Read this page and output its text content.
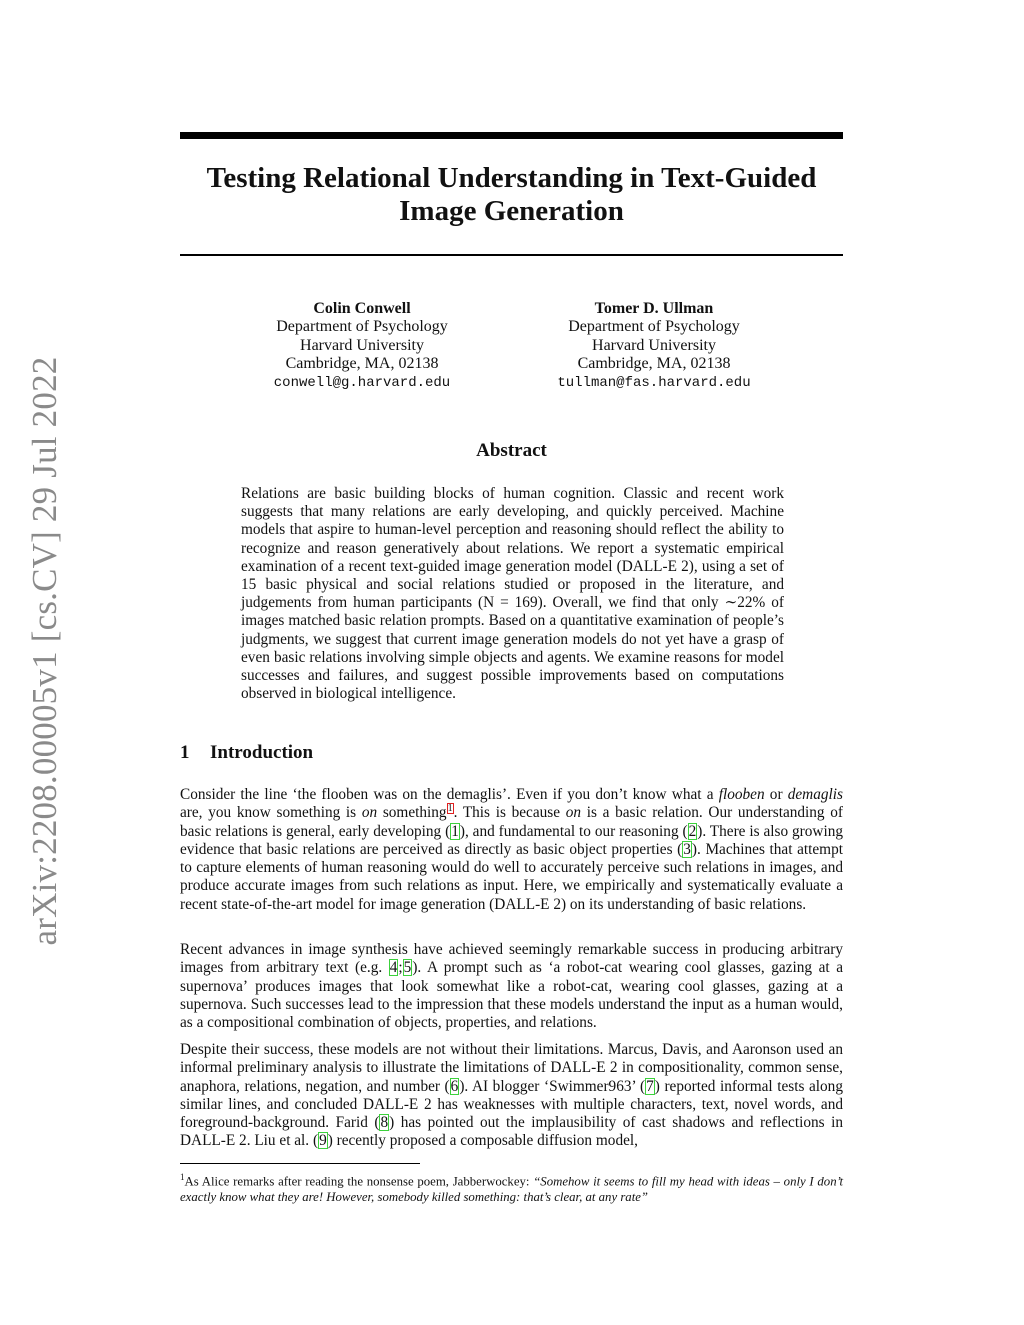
arXiv:2208.00005v1 [cs.CV] 29 Jul 2022
Testing Relational Understanding in Text-Guided
Image Generation
Colin Conwell
Department of Psychology
Harvard University
Cambridge, MA, 02138
conwell@g.harvard.edu
Tomer D. Ullman
Department of Psychology
Harvard University
Cambridge, MA, 02138
tullman@fas.harvard.edu
Abstract

Relations are basic building blocks of human cognition. Classic and recent work suggests that many relations are early developing, and quickly perceived. Machine models that aspire to human-level perception and reasoning should reflect the ability to recognize and reason generatively about relations. We report a systematic empirical examination of a recent text-guided image generation model (DALL-E 2), using a set of 15 basic physical and social relations studied or proposed in the literature, and judgements from human participants (N = 169). Overall, we find that only ∼22% of images matched basic relation prompts. Based on a quantitative examination of people’s judgments, we suggest that current image generation models do not yet have a grasp of even basic relations involving simple objects and agents. We examine reasons for model successes and failures, and suggest possible improvements based on computations observed in biological intelligence.

1 Introduction

Consider the line ‘the flooben was on the demaglis’. Even if you don’t know what a flooben or demaglis are, you know something is on something$^1$. This is because on is a basic relation. Our understanding of basic relations is general, early developing (1), and fundamental to our reasoning (2). There is also growing evidence that basic relations are perceived as directly as basic object properties (3). Machines that attempt to capture elements of human reasoning would do well to accurately perceive such relations in images, and produce accurate images from such relations as input. Here, we empirically and systematically evaluate a recent state-of-the-art model for image generation (DALL-E 2) on its understanding of basic relations.

Recent advances in image synthesis have achieved seemingly remarkable success in producing arbitrary images from arbitrary text (e.g. 4;5). A prompt such as ‘a robot-cat wearing cool glasses, gazing at a supernova’ produces images that look somewhat like a robot-cat, wearing cool glasses, gazing at a supernova. Such successes lead to the impression that these models understand the input as a human would, as a compositional combination of objects, properties, and relations.

Despite their success, these models are not without their limitations. Marcus, Davis, and Aaronson used an informal preliminary analysis to illustrate the limitations of DALL-E 2 in compositionality, common sense, anaphora, relations, negation, and number (6). AI blogger ‘Swimmer963’ (7) reported informal tests along similar lines, and concluded DALL-E 2 has weaknesses with multiple characters, text, novel words, and foreground-background. Farid (8) has pointed out the implausibility of cast shadows and reflections in DALL-E 2. Liu et al. (9) recently proposed a composable diffusion model,

$^1$As Alice remarks after reading the nonsense poem, Jabberwockey: “Somehow it seems to fill my head with ideas – only I don’t exactly know what they are! However, somebody killed something: that’s clear, at any rate”
